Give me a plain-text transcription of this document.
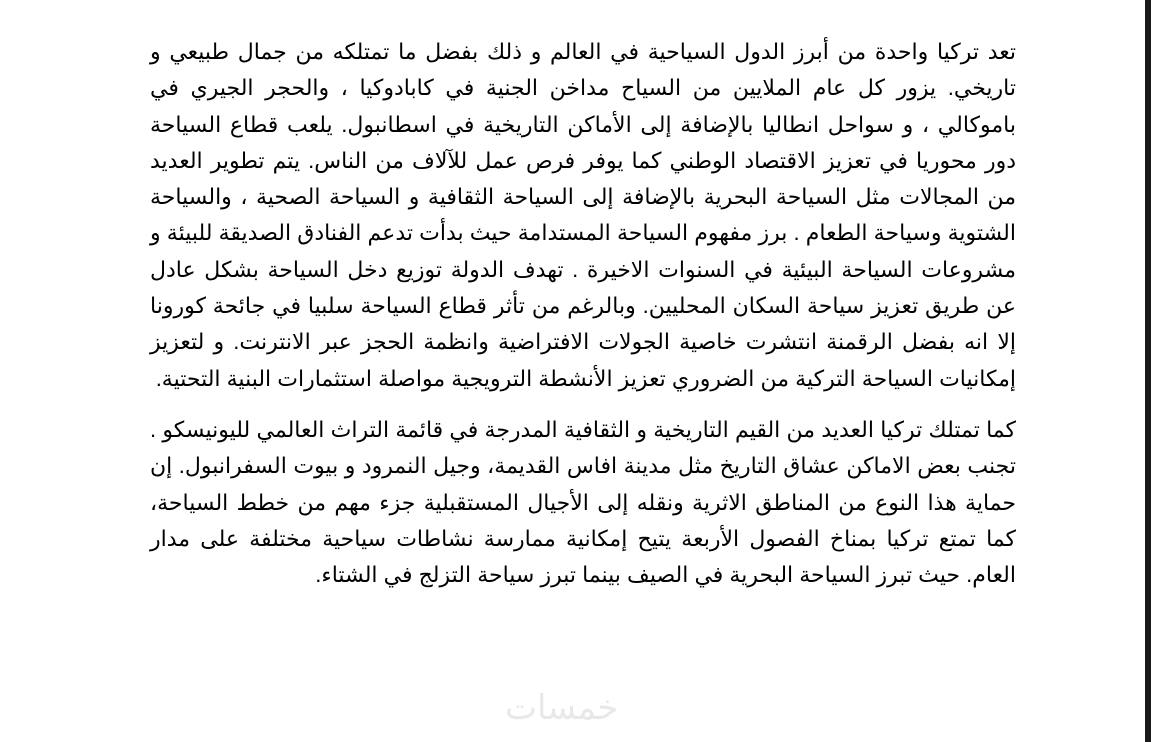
تعد تركيا واحدة من أبرز الدول السياحية في العالم و ذلك بفضل ما تمتلكه من جمال طبيعي و تاريخي. يزور كل عام الملايين من السياح مداخن الجنية في كابادوكيا ، والحجر الجيري في باموكالي ، و سواحل انطاليا بالإضافة إلى الأماكن التاريخية في اسطانبول. يلعب قطاع السياحة دور محوريا في تعزيز الاقتصاد الوطني كما يوفر فرص عمل للآلاف من الناس. يتم تطوير العديد من المجالات مثل السياحة البحرية بالإضافة إلى السياحة الثقافية و السياحة الصحية ، والسياحة الشتوية وسياحة الطعام . برز مفهوم السياحة المستدامة حيث بدأت تدعم الفنادق الصديقة للبيئة و مشروعات السياحة البيئية في السنوات الاخيرة . تهدف الدولة توزيع دخل السياحة بشكل عادل عن طريق تعزيز سياحة السكان المحليين. وبالرغم من تأثر قطاع السياحة سلبيا في جائحة كورونا إلا انه بفضل الرقمنة انتشرت خاصية الجولات الافتراضية وانظمة الحجز عبر الانترنت. و لتعزيز إمكانيات السياحة التركية من الضروري تعزيز الأنشطة الترويجية مواصلة استثمارات البنية التحتية.

كما تمتلك تركيا العديد من القيم التاريخية و الثقافية المدرجة في قائمة التراث العالمي لليونيسكو . تجنب بعض الاماكن عشاق التاريخ مثل مدينة افاس القديمة، وجيل النمرود و بيوت السفرانبول. إن حماية هذا النوع من المناطق الاثرية ونقله إلى الأجيال المستقبلية جزء مهم من خطط السياحة، كما تمتع تركيا بمناخ الفصول الأربعة يتيح إمكانية ممارسة نشاطات سياحية مختلفة على مدار العام. حيث تبرز السياحة البحرية في الصيف بينما تبرز سياحة التزلج في الشتاء.

خمسات
